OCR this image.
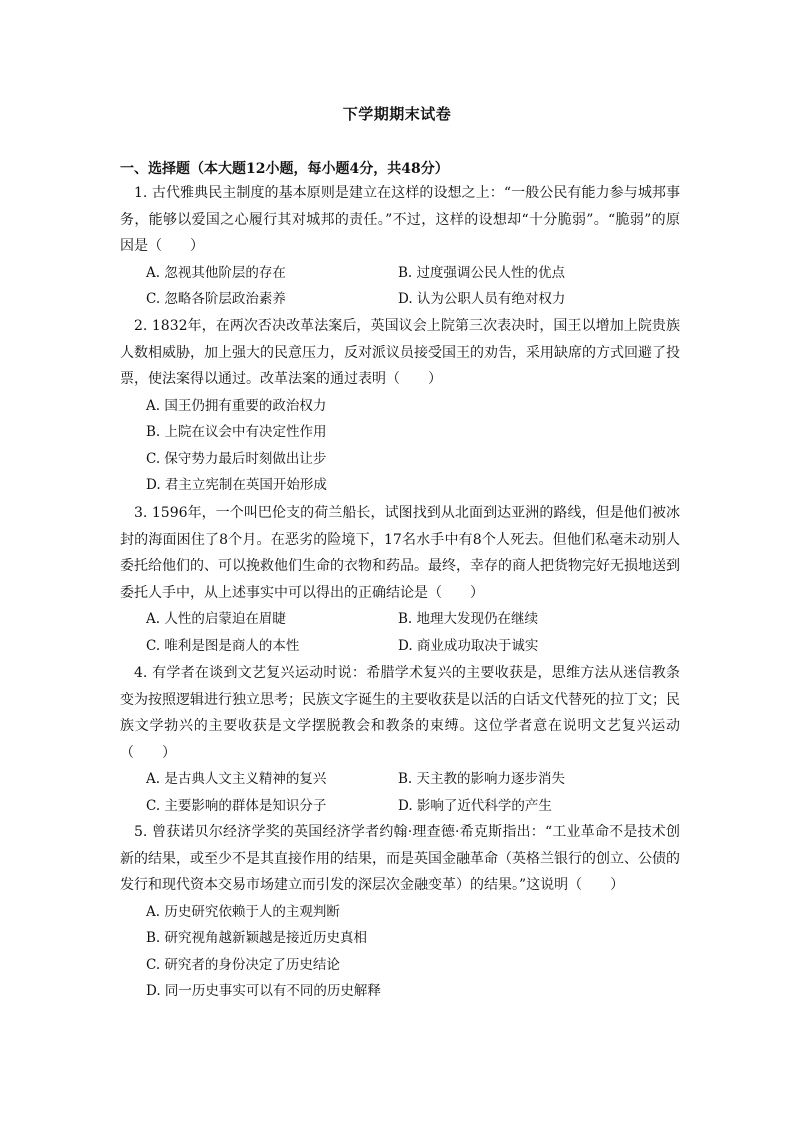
下学期期末试卷
一、选择题（本大题12小题，每小题4分，共48分）

1. 古代雅典民主制度的基本原则是建立在这样的设想之上：“一般公民有能力参与城邦事务，能够以爱国之心履行其对城邦的责任。”不过，这样的设想却“十分脆弱”。“脆弱”的原因是（　　）

A. 忽视其他阶层的存在	B. 过度强调公民人性的优点
C. 忽略各阶层政治素养	D. 认为公职人员有绝对权力

2. 1832年，在两次否决改革法案后，英国议会上院第三次表决时，国王以增加上院贵族人数相威胁，加上强大的民意压力，反对派议员接受国王的劝告，采用缺席的方式回避了投票，使法案得以通过。改革法案的通过表明（　　）

A. 国王仍拥有重要的政治权力
B. 上院在议会中有决定性作用
C. 保守势力最后时刻做出让步
D. 君主立宪制在英国开始形成

3. 1596年，一个叫巴伦支的荷兰船长，试图找到从北面到达亚洲的路线，但是他们被冰封的海面困住了8个月。在恶劣的险境下，17名水手中有8个人死去。但他们私毫未动别人委托给他们的、可以挽救他们生命的衣物和药品。最终，幸存的商人把货物完好无损地送到委托人手中，从上述事实中可以得出的正确结论是（　　）

A. 人性的启蒙迫在眉睫	B. 地理大发现仍在继续
C. 唯利是图是商人的本性	D. 商业成功取决于诚实

4. 有学者在谈到文艺复兴运动时说：希腊学术复兴的主要收获是，思维方法从迷信教条变为按照逻辑进行独立思考；民族文字诞生的主要收获是以活的白话文代替死的拉丁文；民族文学勃兴的主要收获是文学摆脱教会和教条的束缚。这位学者意在说明文艺复兴运动（　　）

A. 是古典人文主义精神的复兴	B. 天主教的影响力逐步消失
C. 主要影响的群体是知识分子	D. 影响了近代科学的产生

5. 曾获诺贝尔经济学奖的英国经济学者约翰·理查德·希克斯指出：“工业革命不是技术创新的结果，或至少不是其直接作用的结果，而是英国金融革命（英格兰银行的创立、公债的发行和现代资本交易市场建立而引发的深层次金融变革）的结果。”这说明（　　）

A. 历史研究依赖于人的主观判断
B. 研究视角越新颖越是接近历史真相
C. 研究者的身份决定了历史结论
D. 同一历史事实可以有不同的历史解释
